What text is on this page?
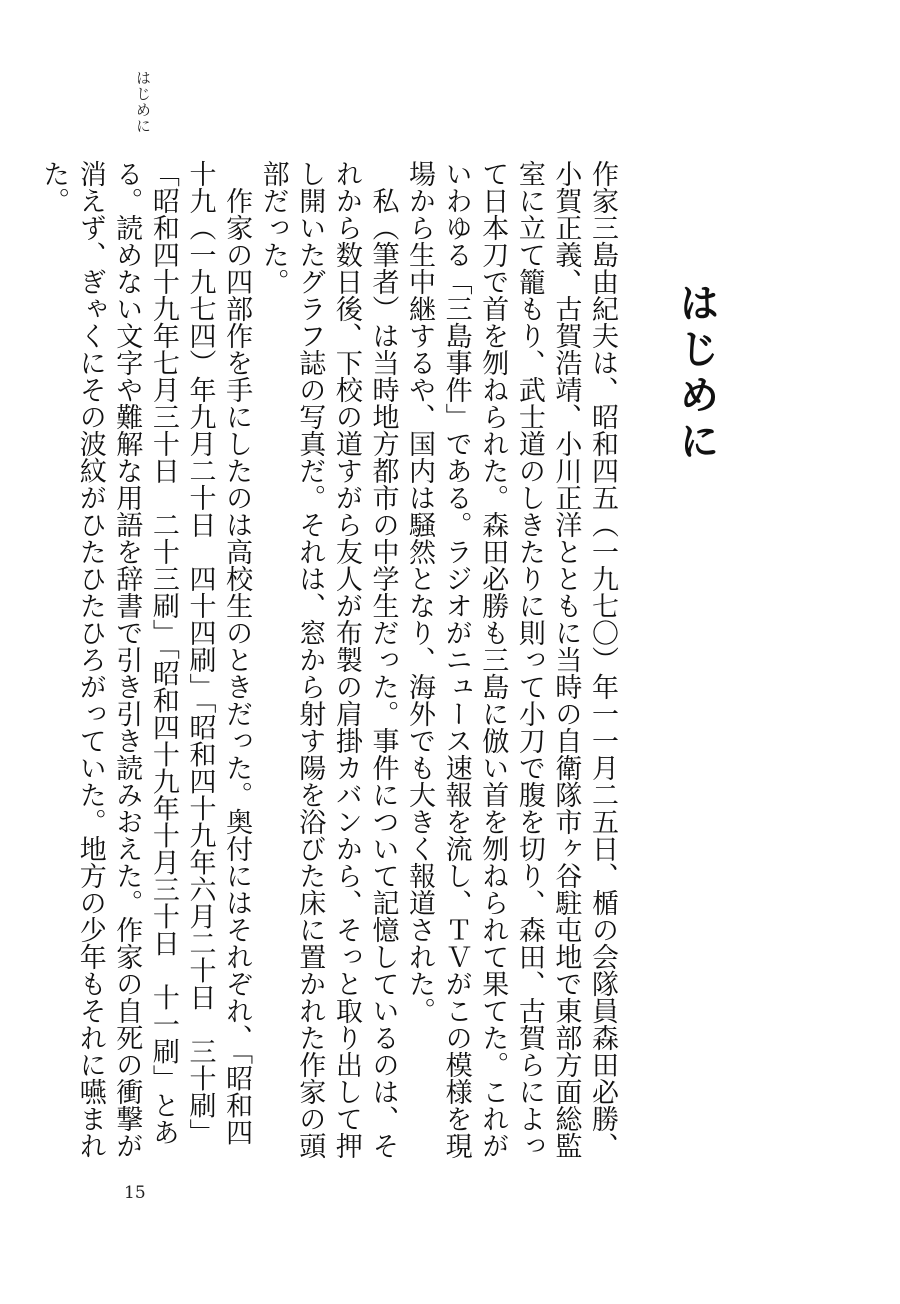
はじめに
はじめに

作家三島由紀夫は、昭和四五（一九七〇）年一一月二五日、楯の会隊員森田必勝、小賀正義、古賀浩靖、小川正洋とともに当時の自衛隊市ヶ谷駐屯地で東部方面総監室に立て籠もり、武士道のしきたりに則って小刀で腹を切り、森田、古賀らによって日本刀で首を刎ねられた。森田必勝も三島に倣い首を刎ねられて果てた。これがいわゆる「三島事件」である。ラジオがニュース速報を流し、ＴＶがこの模様を現場から生中継するや、国内は騒然となり、海外でも大きく報道された。

私（筆者）は当時地方都市の中学生だった。事件について記憶しているのは、それから数日後、下校の道すがら友人が布製の肩掛カバンから、そっと取り出して押し開いたグラフ誌の写真だ。それは、窓から射す陽を浴びた床に置かれた作家の頭部だった。

作家の四部作を手にしたのは高校生のときだった。奥付にはそれぞれ、「昭和四十九（一九七四）年九月二十日　四十四刷」「昭和四十九年六月二十日　三十刷」「昭和四十九年七月三十日　二十三刷」「昭和四十九年十月三十日　十一刷」とある。読めない文字や難解な用語を辞書で引き引き読みおえた。作家の自死の衝撃が消えず、ぎゃくにその波紋がひたひたひろがっていた。地方の少年もそれに嚥まれた。

15
